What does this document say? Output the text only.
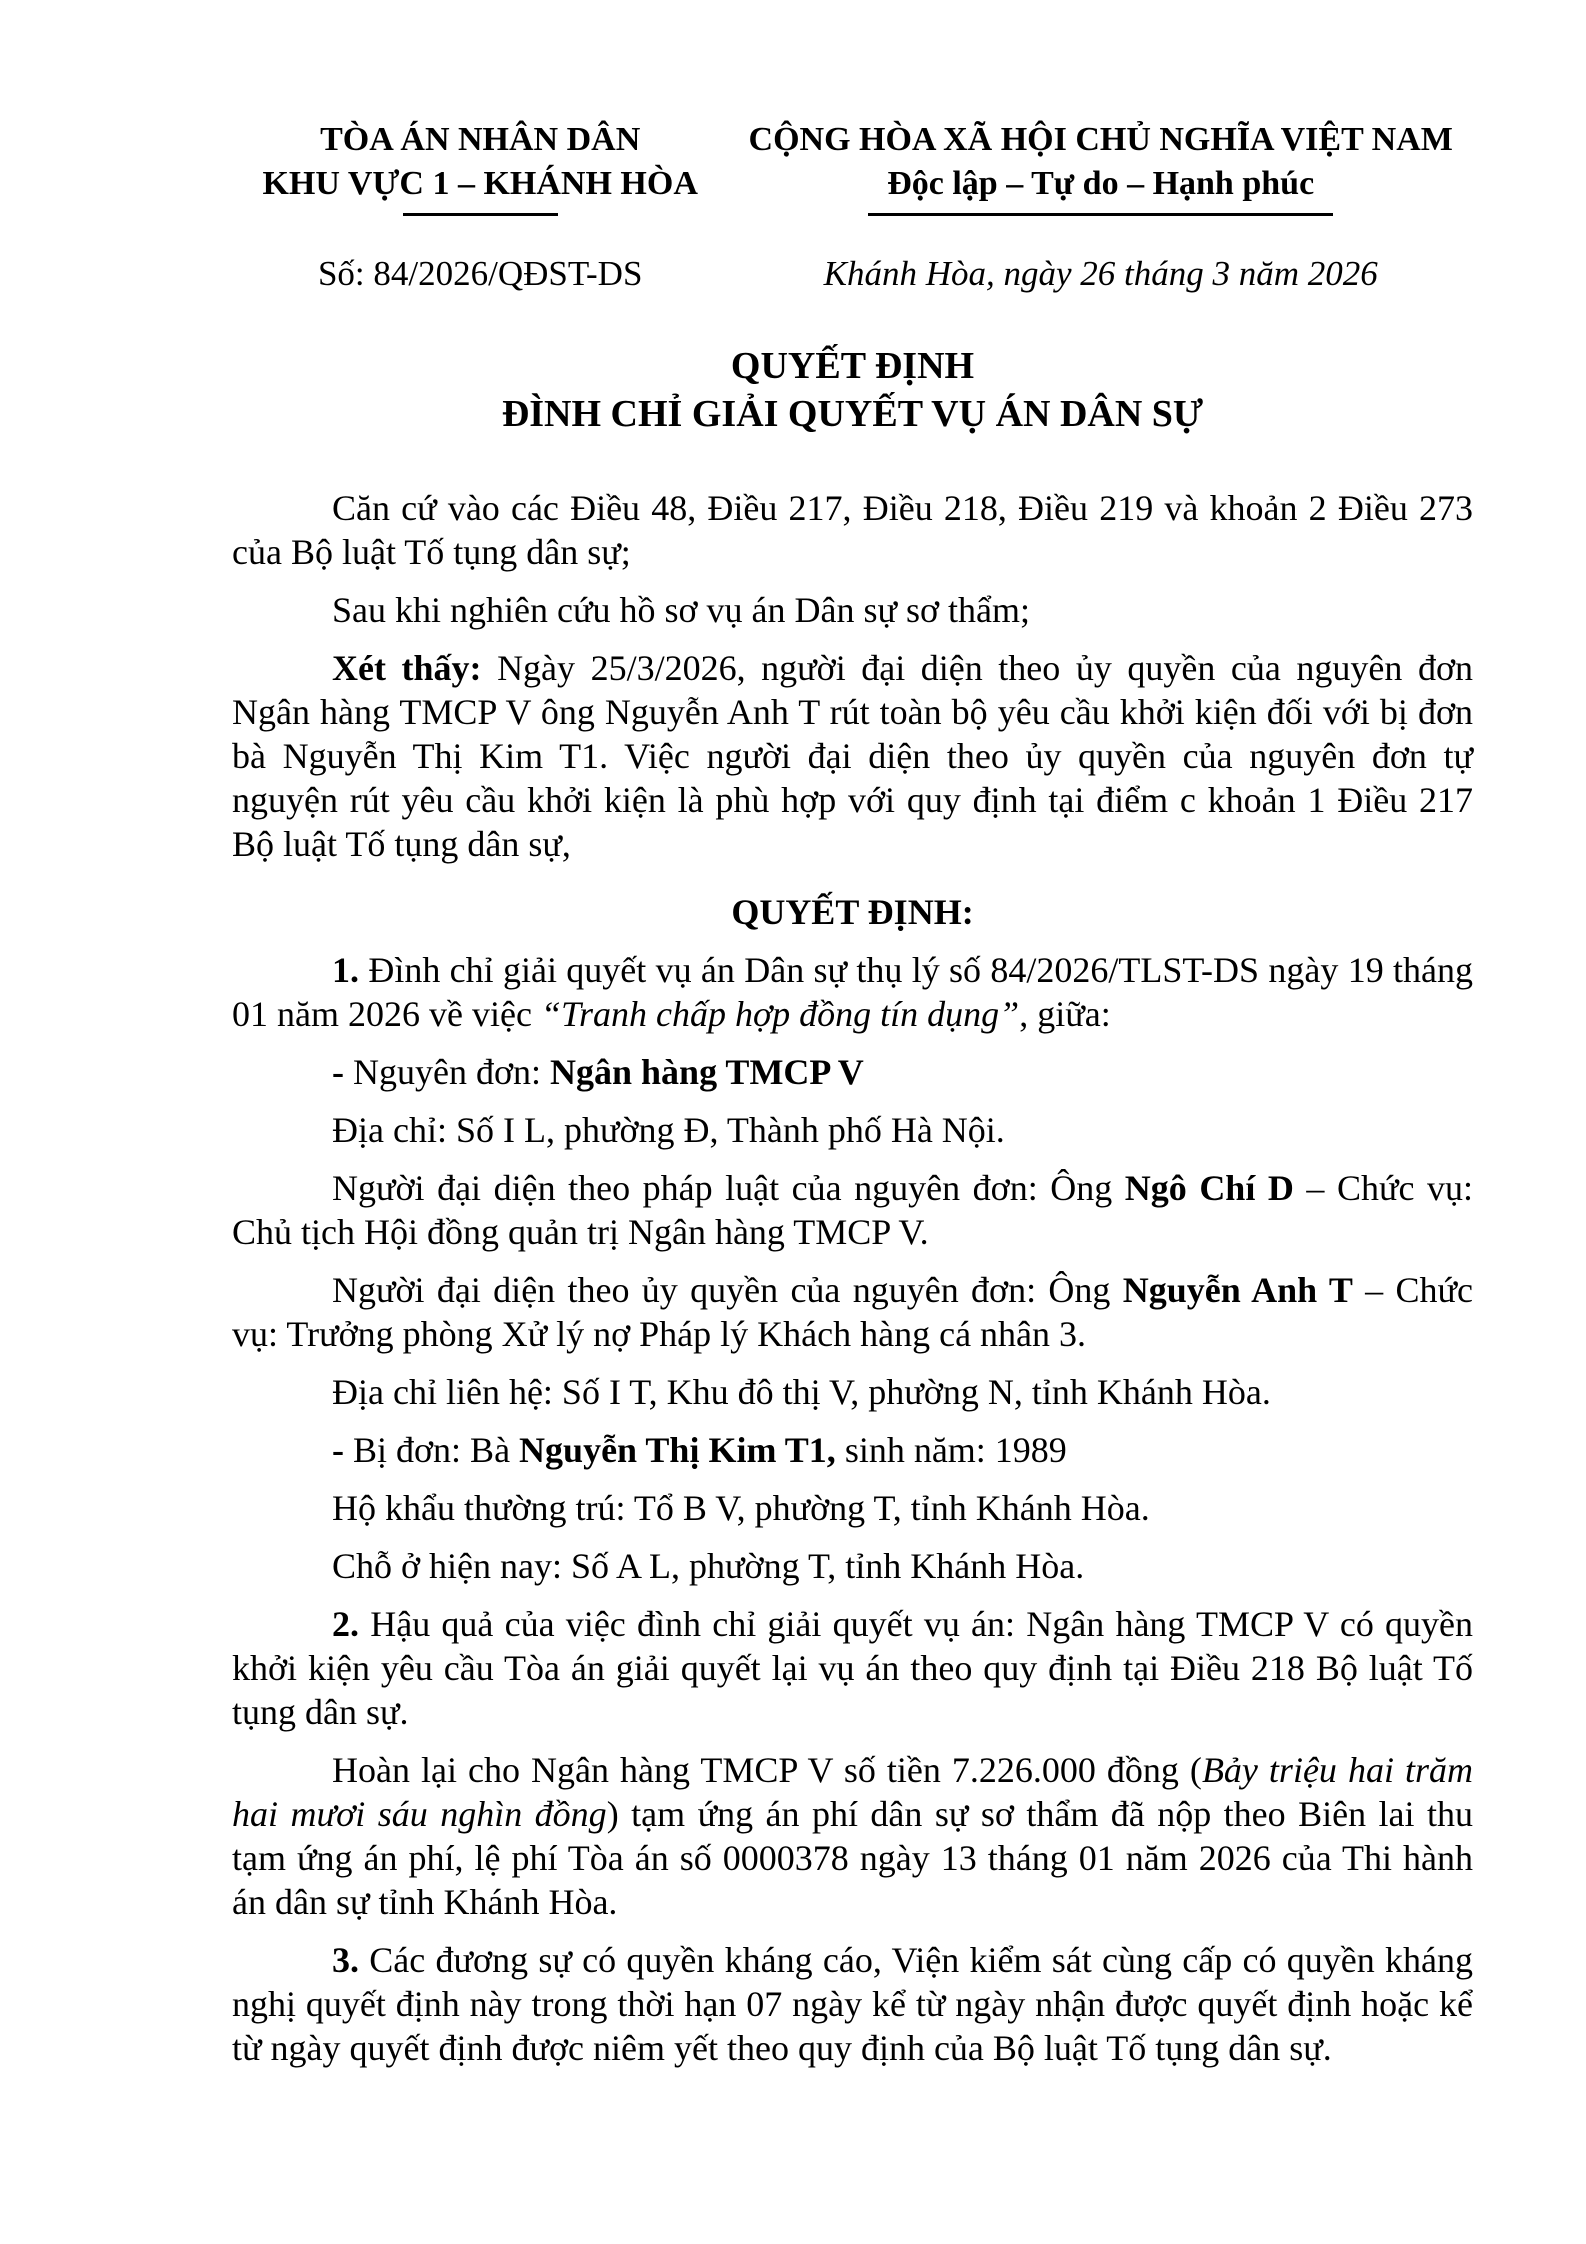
TÒA ÁN NHÂN DÂN
KHU VỰC 1 – KHÁNH HÒA
CỘNG HÒA XÃ HỘI CHỦ NGHĨA VIỆT NAM
Độc lập – Tự do – Hạnh phúc
Số: 84/2026/QĐST-DS	Khánh Hòa, ngày 26 tháng 3 năm 2026
QUYẾT ĐỊNH
ĐÌNH CHỈ GIẢI QUYẾT VỤ ÁN DÂN SỰ

Căn cứ vào các Điều 48, Điều 217, Điều 218, Điều 219 và khoản 2 Điều 273 của Bộ luật Tố tụng dân sự;

Sau khi nghiên cứu hồ sơ vụ án Dân sự sơ thẩm;

Xét thấy: Ngày 25/3/2026, người đại diện theo ủy quyền của nguyên đơn Ngân hàng TMCP V ông Nguyễn Anh T rút toàn bộ yêu cầu khởi kiện đối với bị đơn bà Nguyễn Thị Kim T1. Việc người đại diện theo ủy quyền của nguyên đơn tự nguyện rút yêu cầu khởi kiện là phù hợp với quy định tại điểm c khoản 1 Điều 217 Bộ luật Tố tụng dân sự,

QUYẾT ĐỊNH:

1. Đình chỉ giải quyết vụ án Dân sự thụ lý số 84/2026/TLST-DS ngày 19 tháng 01 năm 2026 về việc “Tranh chấp hợp đồng tín dụng”, giữa:

- Nguyên đơn: Ngân hàng TMCP V

Địa chỉ: Số I L, phường Đ, Thành phố Hà Nội.

Người đại diện theo pháp luật của nguyên đơn: Ông Ngô Chí D – Chức vụ: Chủ tịch Hội đồng quản trị Ngân hàng TMCP V.

Người đại diện theo ủy quyền của nguyên đơn: Ông Nguyễn Anh T – Chức vụ: Trưởng phòng Xử lý nợ Pháp lý Khách hàng cá nhân 3.

Địa chỉ liên hệ: Số I T, Khu đô thị V, phường N, tỉnh Khánh Hòa.

- Bị đơn: Bà Nguyễn Thị Kim T1, sinh năm: 1989

Hộ khẩu thường trú: Tổ B V, phường T, tỉnh Khánh Hòa.

Chỗ ở hiện nay: Số A L, phường T, tỉnh Khánh Hòa.

2. Hậu quả của việc đình chỉ giải quyết vụ án: Ngân hàng TMCP V có quyền khởi kiện yêu cầu Tòa án giải quyết lại vụ án theo quy định tại Điều 218 Bộ luật Tố tụng dân sự.

Hoàn lại cho Ngân hàng TMCP V số tiền 7.226.000 đồng (Bảy triệu hai trăm hai mươi sáu nghìn đồng) tạm ứng án phí dân sự sơ thẩm đã nộp theo Biên lai thu tạm ứng án phí, lệ phí Tòa án số 0000378 ngày 13 tháng 01 năm 2026 của Thi hành án dân sự tỉnh Khánh Hòa.

3. Các đương sự có quyền kháng cáo, Viện kiểm sát cùng cấp có quyền kháng nghị quyết định này trong thời hạn 07 ngày kể từ ngày nhận được quyết định hoặc kể từ ngày quyết định được niêm yết theo quy định của Bộ luật Tố tụng dân sự.
